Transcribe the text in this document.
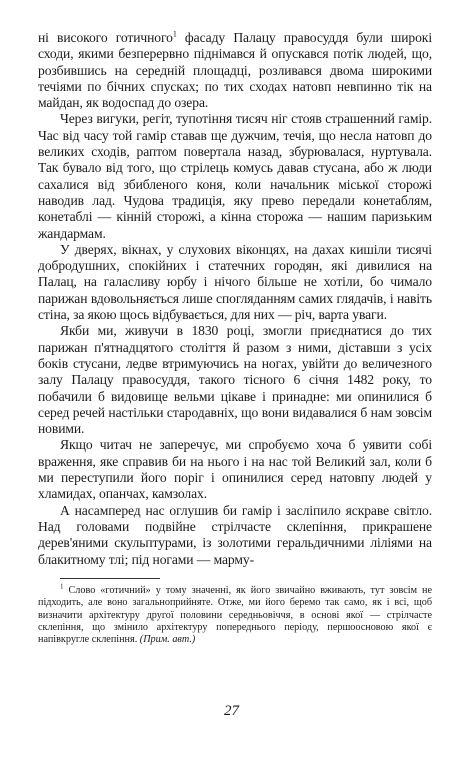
ні високого готичного$^1$ фасаду Палацу правосуддя були широкі сходи, якими безперервно піднімався й опускався потік людей, що, розбившись на середній площадці, розливався двома широкими течіями по бічних спусках; по тих сходах натовп невпинно тік на майдан, як водоспад до озера.

Через вигуки, регіт, тупотіння тисяч ніг стояв страшенний гамір. Час від часу той гамір ставав ще дужчим, течія, що несла натовп до великих сходів, раптом повертала назад, збурювалася, нуртувала. Так бувало від того, що стрілець комусь давав стусана, або ж люди сахалися від збибленого коня, коли начальник міської сторожі наводив лад. Чудова традиція, яку прево передали конетаблям, конетаблі — кінній сторожі, а кінна сторожа — нашим паризьким жандармам.

У дверях, вікнах, у слухових віконцях, на дахах кишіли тисячі добродушних, спокійних і статечних городян, які дивилися на Палац, на галасливу юрбу і нічого більше не хотіли, бо чимало парижан вдовольняється лише спогляданням самих глядачів, і навіть стіна, за якою щось відбувається, для них — річ, варта уваги.

Якби ми, живучи в 1830 році, змогли приєднатися до тих парижан п'ятнадцятого століття й разом з ними, діставши з усіх боків стусани, ледве втримуючись на ногах, увійти до величезного залу Палацу правосуддя, такого тісного 6 січня 1482 року, то побачили б видовище вельми цікаве і принадне: ми опинилися б серед речей настільки стародавніх, що вони видавалися б нам зовсім новими.

Якщо читач не заперечує, ми спробуємо хоча б уявити собі враження, яке справив би на нього і на нас той Великий зал, коли б ми переступили його поріг і опинилися серед натовпу людей у хламидах, опанчах, камзолах.

А насамперед нас оглушив би гамір і засліпило яскраве світло. Над головами подвійне стрілчасте склепіння, прикрашене дерев'яними скульптурами, із золотими геральдичними ліліями на блакитному тлі; під ногами — марму-

$^1$ Слово «готичний» у тому значенні, як його звичайно вживають, тут зовсім не підходить, але воно загальноприйняте. Отже, ми його беремо так само, як і всі, щоб визначити архітектуру другої половини середньовіччя, в основі якої — стрілчасте склепіння, що змінило архітектуру попереднього періоду, першоосновою якої є напівкругле склепіння. (Прим. авт.)

27
